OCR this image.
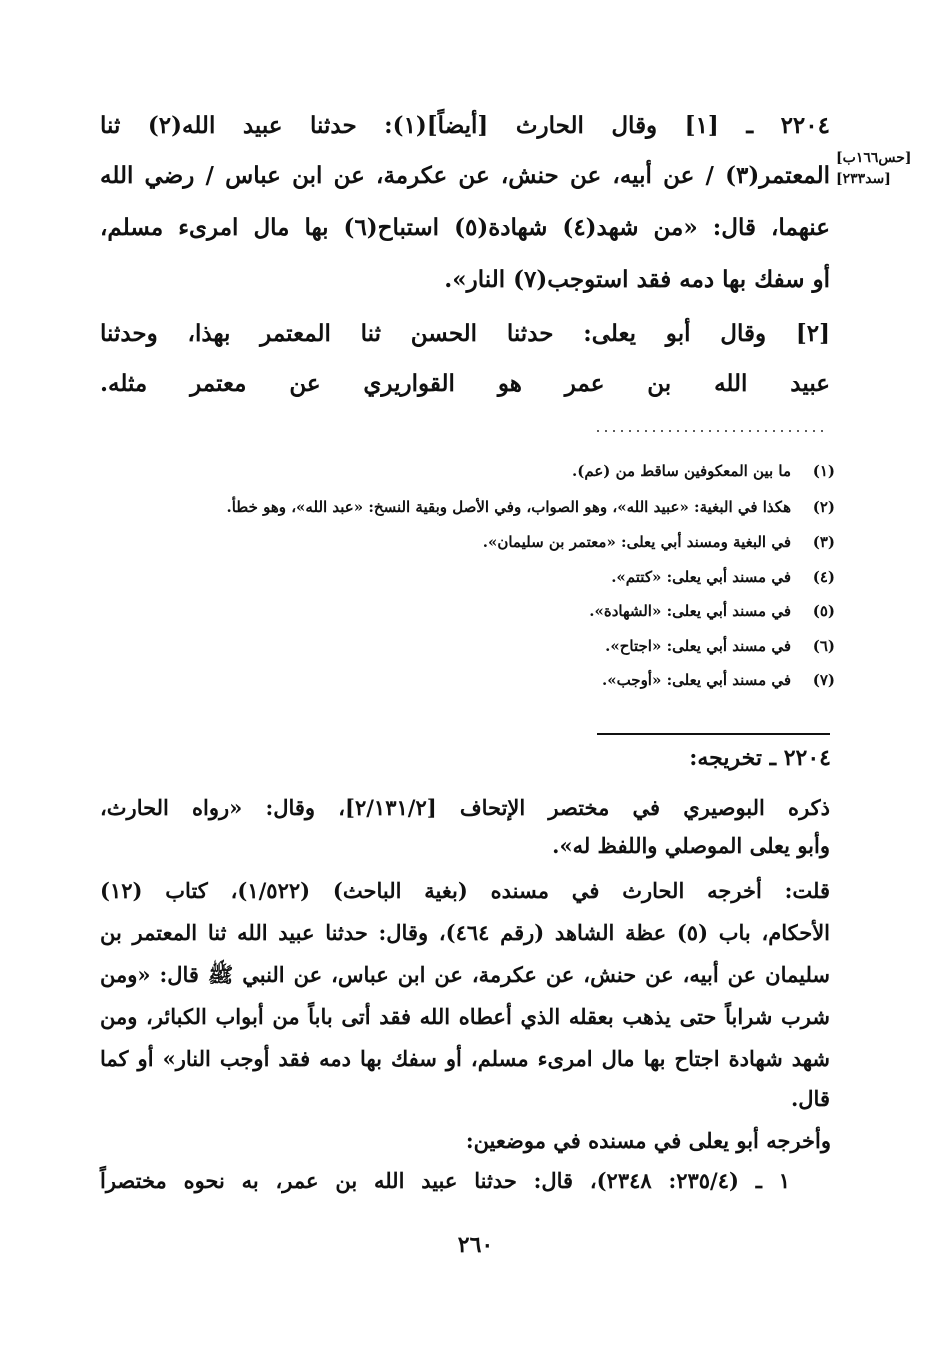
٢٢٠٤ ـ [١] وقال الحارث [أيضاً](١): حدثنا عبيد الله(٢) ثنا
المعتمر(٣) / عن أبيه، عن حنش، عن عكرمة، عن ابن عباس / رضي الله
عنهما، قال: «من شهد(٤) شهادة(٥) استباح(٦) بها مال امرىء مسلم،
أو سفك بها دمه فقد استوجب(٧) النار».
[حس١٦٦ب]
[سد٢٣٣]
[٢] وقال أبو يعلى: حدثنا الحسن ثنا المعتمر بهذا، وحدثنا
عبيد الله بن عمر هو القواريري عن معتمر مثله.
(١)
ما بين المعكوفين ساقط من (عم).
(٢)
هكذا في البغية: «عبيد الله»، وهو الصواب، وفي الأصل وبقية النسخ: «عبد الله»، وهو خطأ.
(٣)
في البغية ومسند أبي يعلى: «معتمر بن سليمان».
(٤)
في مسند أبي يعلى: «كتتم».
(٥)
في مسند أبي يعلى: «الشهادة».
(٦)
في مسند أبي يعلى: «اجتاح».
(٧)
في مسند أبي يعلى: «أوجب».
٢٢٠٤ ـ تخريجه:
ذكره البوصيري في مختصر الإتحاف [٢/١٣١/٢]، وقال: «رواه الحارث،
وأبو يعلى الموصلي واللفظ له».
قلت: أخرجه الحارث في مسنده (بغية الباحث) (١/٥٢٢)، كتاب (١٢)
الأحكام، باب (٥) عظة الشاهد (رقم ٤٦٤)، وقال: حدثنا عبيد الله ثنا المعتمر بن
سليمان عن أبيه، عن حنش، عن عكرمة، عن ابن عباس، عن النبي ﷺ قال: «ومن
شرب شراباً حتى يذهب بعقله الذي أعطاه الله فقد أتى باباً من أبواب الكبائر، ومن
شهد شهادة اجتاح بها مال امرىء مسلم، أو سفك بها دمه فقد أوجب النار» أو كما
قال.
وأخرجه أبو يعلى في مسنده في موضعين:
١ ـ (٢٣٥/٤: ٢٣٤٨)، قال: حدثنا عبيد الله بن عمر، به نحوه مختصراً
٢٦٠
